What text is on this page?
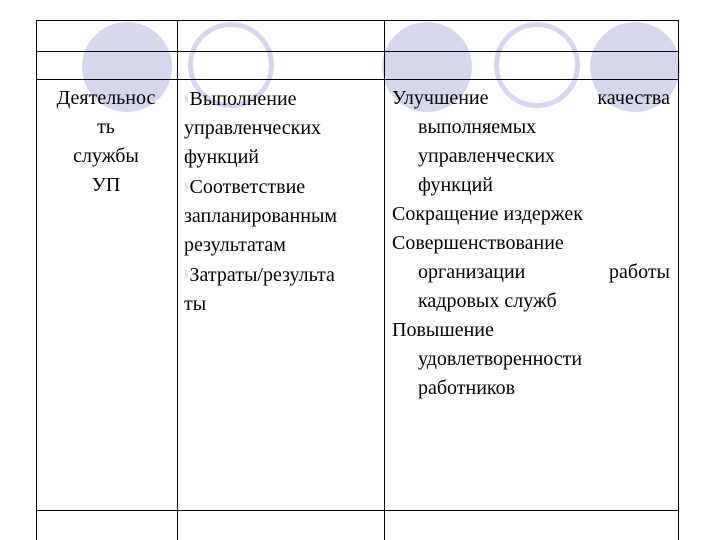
Деятельнос
ть
службы
УП
§Выполнение
управленческих
функций
§Соответствие
запланированным
результатам
§Затраты/результа
ты
Улучшение	качества
выполняемых
управленческих
функций
Сокращение издержек
Совершенствование
организации	работы
кадровых служб
Повышение
удовлетворенности
работников
